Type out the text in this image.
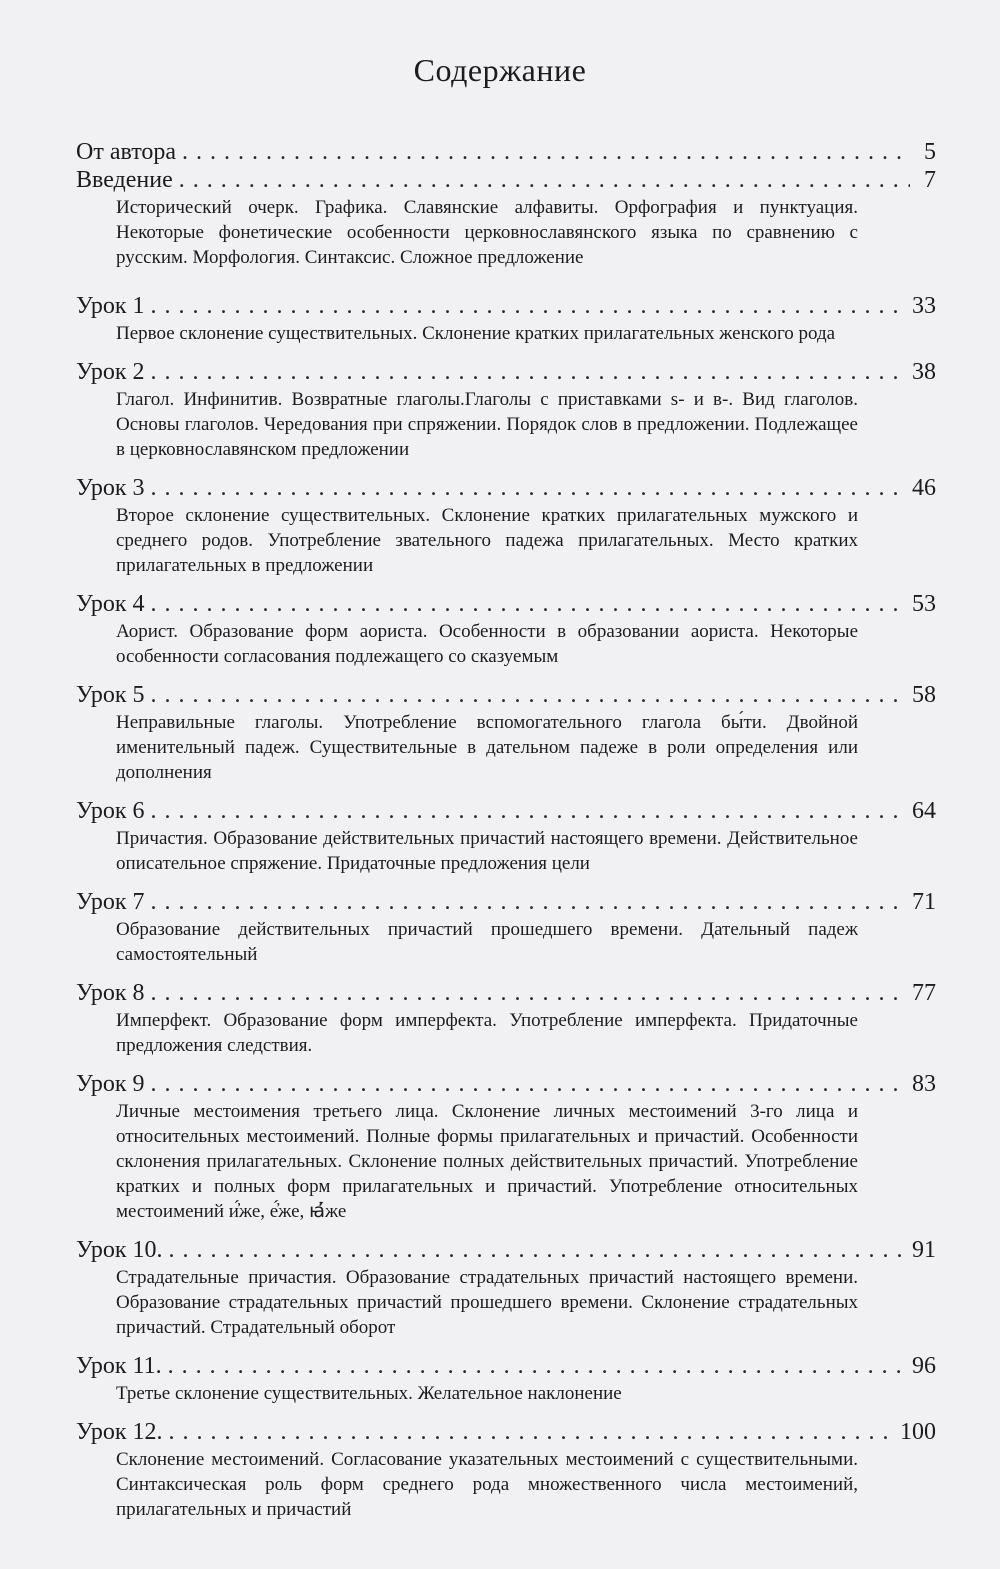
Содержание
От автора . . .	5
Введение . . .	7
Исторический очерк. Графика. Славянские алфавиты. Орфография и пунктуация. Некоторые фонетические особенности церковнославянского языка по сравнению с русским. Морфология. Синтаксис. Сложное предложение
Урок 1 . . .	33
Первое склонение существительных. Склонение кратких прилагательных женского рода
Урок 2 . . .	38
Глагол. Инфинитив. Возвратные глаголы.Глаголы с приставками ѕ- и в-. Вид глаголов. Основы глаголов. Чередования при спряжении. Порядок слов в предложении. Подлежащее в церковнославянском предложении
Урок 3 . . .	46
Второе склонение существительных. Склонение кратких прилагательных мужского и среднего родов. Употребление звательного падежа прилагательных. Место кратких прилагательных в предложении
Урок 4 . . .	53
Аорист. Образование форм аориста. Особенности в образовании аориста. Некоторые особенности согласования подлежащего со сказуемым
Урок 5 . . .	58
Неправильные глаголы. Употребление вспомогательного глагола бы́ти. Двойной именительный падеж. Существительные в дательном падеже в роли определения или дополнения
Урок 6 . . .	64
Причастия. Образование действительных причастий настоящего времени. Действительное описательное спряжение. Придаточные предложения цели
Урок 7 . . .	71
Образование действительных причастий прошедшего времени. Дательный падеж самостоятельный
Урок 8 . . .	77
Имперфект. Образование форм имперфекта. Употребление имперфекта. Придаточные предложения следствия.
Урок 9 . . .	83
Личные местоимения третьего лица. Склонение личных местоимений 3-го лица и относительных местоимений. Полные формы прилагательных и причастий. Особенности склонения прилагательных. Склонение полных действительных причастий. Употребление кратких и полных форм прилагательных и причастий. Употребление относительных местоимений и҆́же, е҆́же, ꙗ҆́же
Урок 10. . . .	91
Страдательные причастия. Образование страдательных причастий настоящего времени. Образование страдательных причастий прошедшего времени. Склонение страдательных причастий. Страдательный оборот
Урок 11. . . .	96
Третье склонение существительных. Желательное наклонение
Урок 12. . . .	100
Склонение местоимений. Согласование указательных местоимений с существительными. Синтаксическая роль форм среднего рода множественного числа местоимений, прилагательных и причастий
